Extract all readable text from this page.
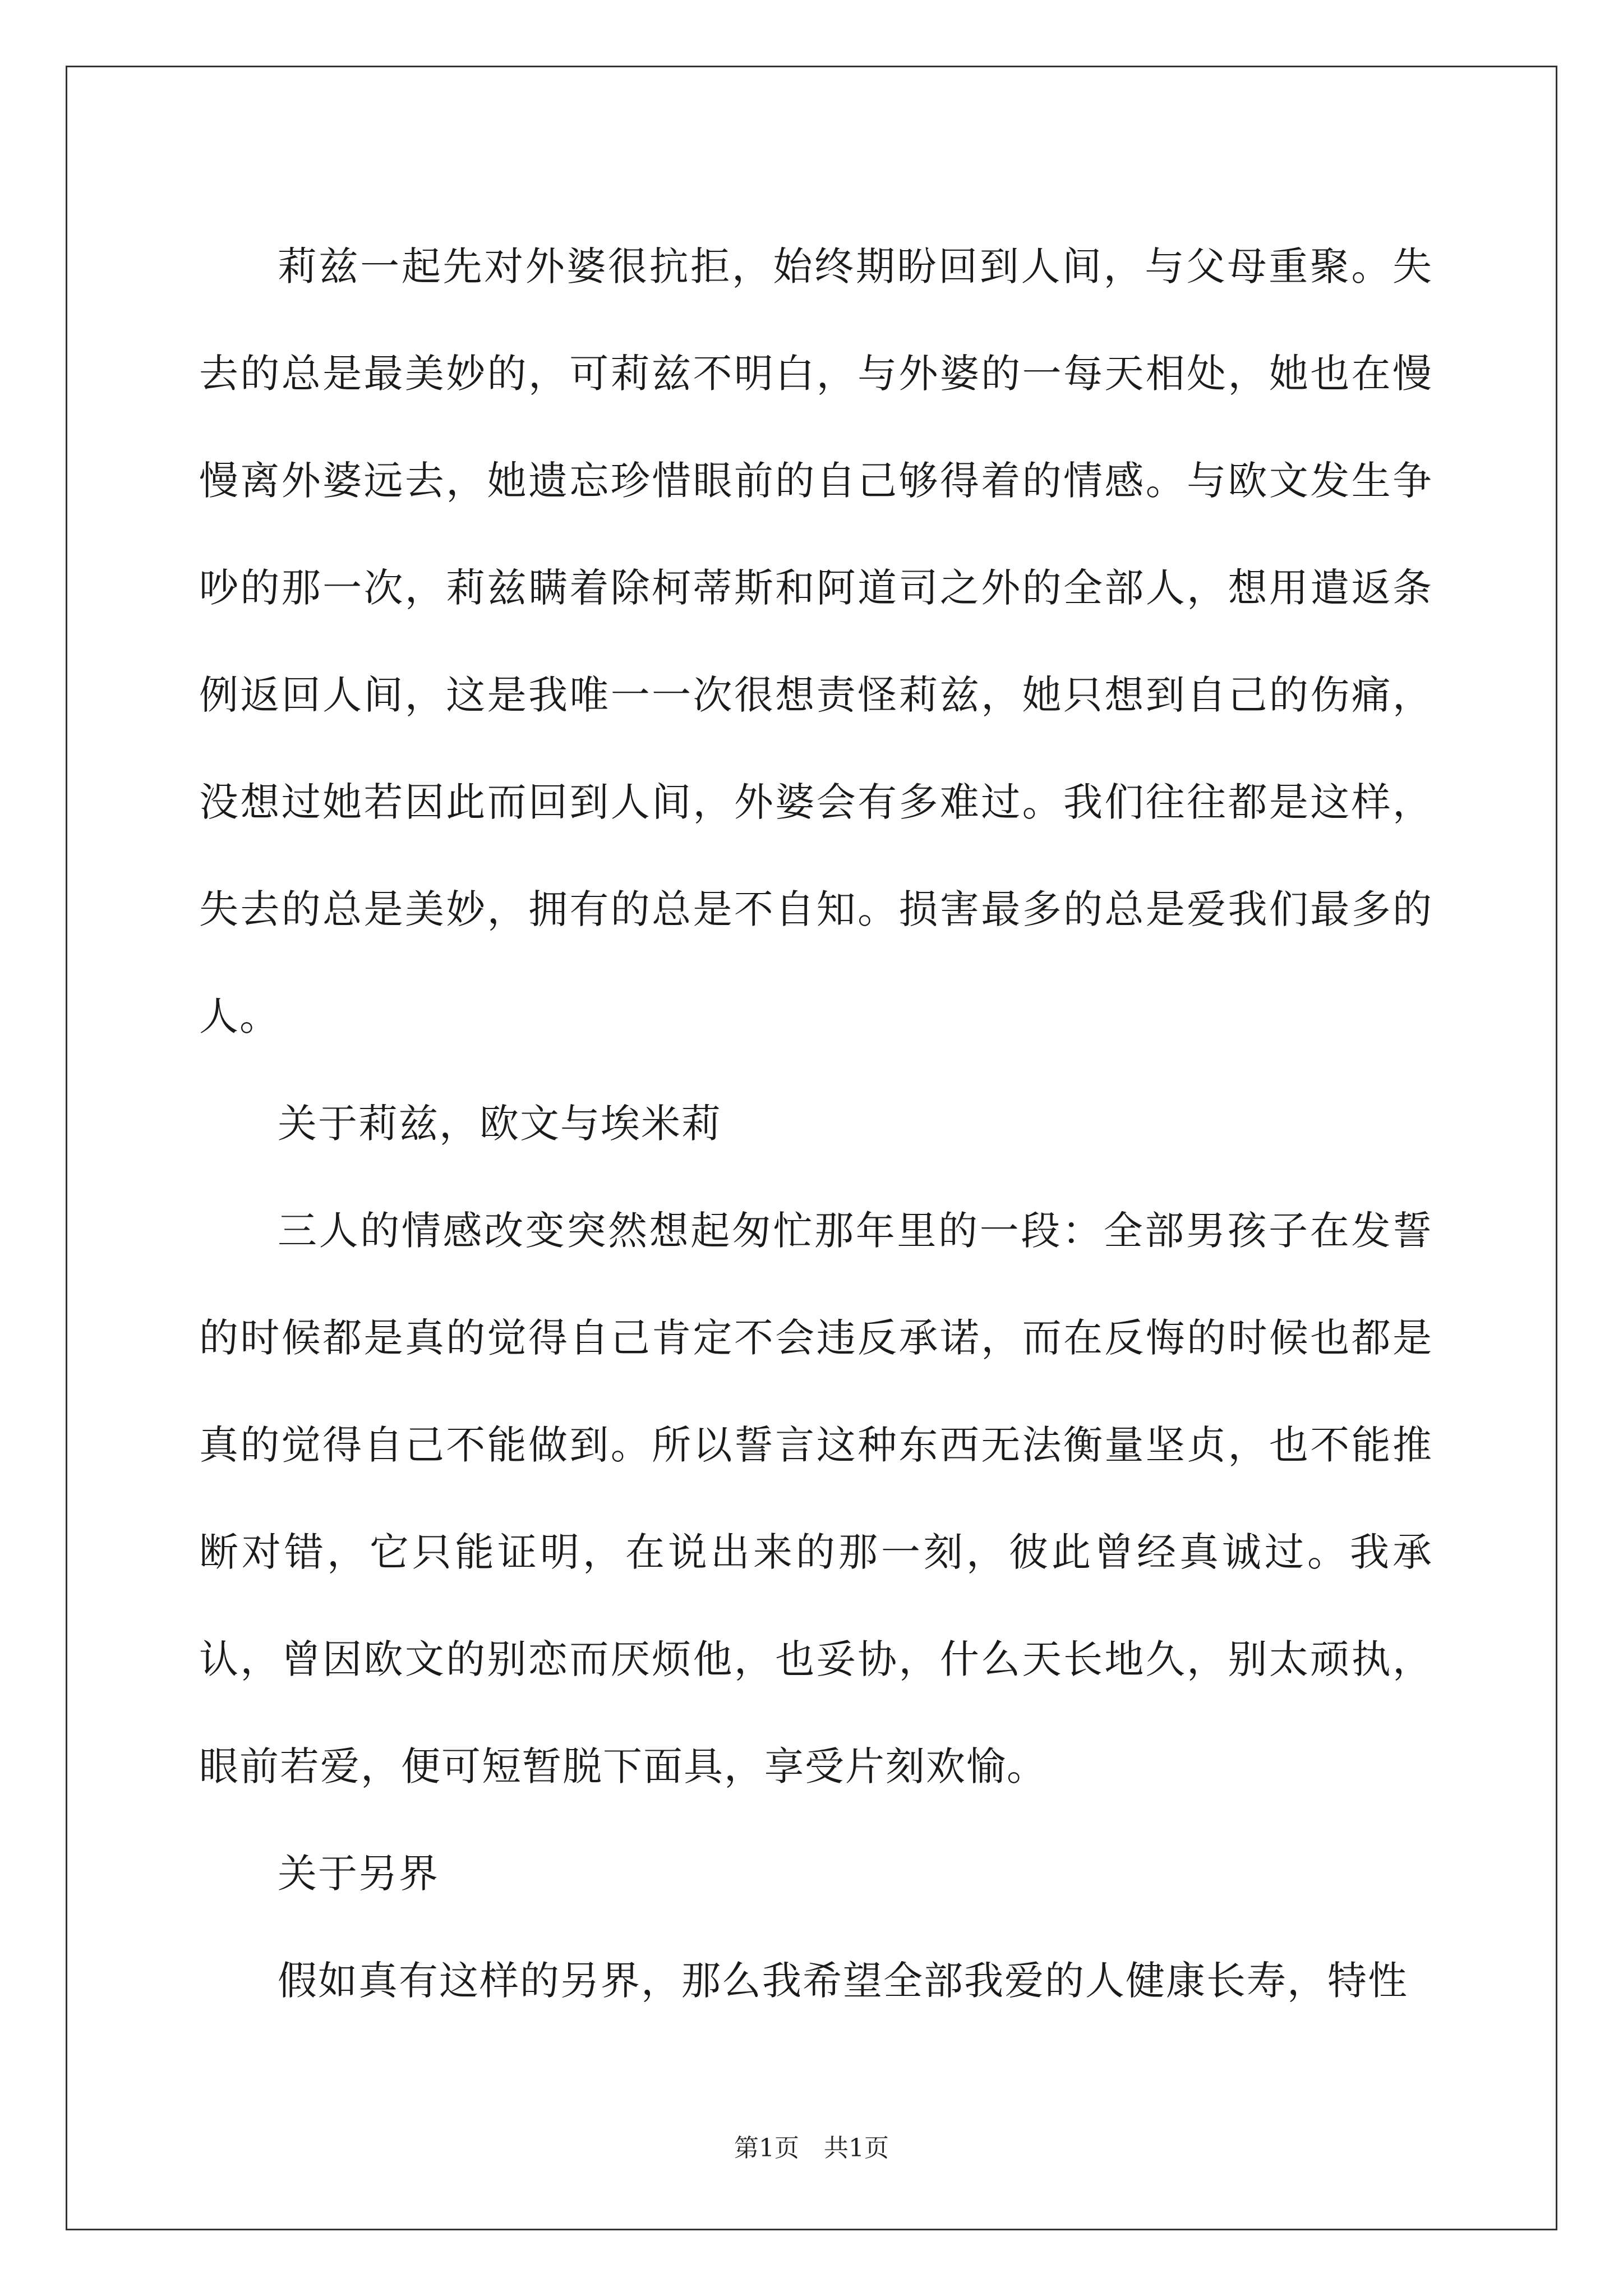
莉兹一起先对外婆很抗拒，始终期盼回到人间，与父母重聚。失去的总是最美妙的，可莉兹不明白，与外婆的一每天相处，她也在慢慢离外婆远去，她遗忘珍惜眼前的自己够得着的情感。与欧文发生争吵的那一次，莉兹瞒着除柯蒂斯和阿道司之外的全部人，想用遣返条例返回人间，这是我唯一一次很想责怪莉兹，她只想到自己的伤痛，没想过她若因此而回到人间，外婆会有多难过。我们往往都是这样，失去的总是美妙，拥有的总是不自知。损害最多的总是爱我们最多的人。

关于莉兹，欧文与埃米莉

三人的情感改变突然想起匆忙那年里的一段：全部男孩子在发誓的时候都是真的觉得自己肯定不会违反承诺，而在反悔的时候也都是真的觉得自己不能做到。所以誓言这种东西无法衡量坚贞，也不能推断对错，它只能证明，在说出来的那一刻，彼此曾经真诚过。我承认，曾因欧文的别恋而厌烦他，也妥协，什么天长地久，别太顽执，眼前若爱，便可短暂脱下面具，享受片刻欢愉。

关于另界

假如真有这样的另界，那么我希望全部我爱的人健康长寿，特性

第1页　共1页
